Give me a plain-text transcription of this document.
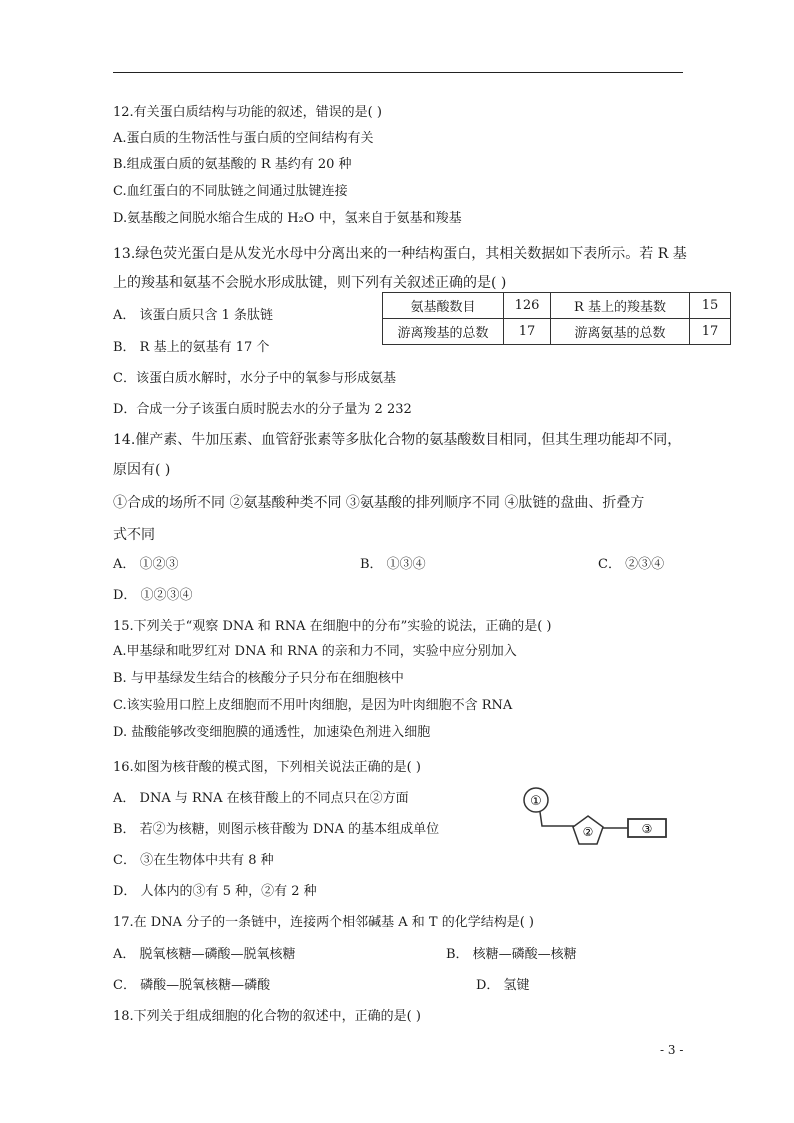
12.有关蛋白质结构与功能的叙述，错误的是( )
A.蛋白质的生物活性与蛋白质的空间结构有关
B.组成蛋白质的氨基酸的 R 基约有 20 种
C.血红蛋白的不同肽链之间通过肽键连接
D.氨基酸之间脱水缩合生成的 H₂O 中，氢来自于氨基和羧基
13.绿色荧光蛋白是从发光水母中分离出来的一种结构蛋白，其相关数据如下表所示。若 R 基
上的羧基和氨基不会脱水形成肽键，则下列有关叙述正确的是( )
A． 该蛋白质只含 1 条肽链
B． R 基上的氨基有 17 个
C．该蛋白质水解时，水分子中的氧参与形成氨基
D．合成一分子该蛋白质时脱去水的分子量为 2 232
氨基酸数目	126	R 基上的羧基数	15
游离羧基的总数	17	游离氨基的总数	17
14.催产素、牛加压素、血管舒张素等多肽化合物的氨基酸数目相同，但其生理功能却不同，
原因有( )
①合成的场所不同 ②氨基酸种类不同 ③氨基酸的排列顺序不同 ④肽链的盘曲、折叠方
式不同
A． ①②③	B． ①③④	C． ②③④
D． ①②③④
15.下列关于“观察 DNA 和 RNA 在细胞中的分布”实验的说法，正确的是( )
A.甲基绿和吡罗红对 DNA 和 RNA 的亲和力不同，实验中应分别加入
B. 与甲基绿发生结合的核酸分子只分布在细胞核中
C.该实验用口腔上皮细胞而不用叶肉细胞，是因为叶肉细胞不含 RNA
D. 盐酸能够改变细胞膜的通透性，加速染色剂进入细胞
16.如图为核苷酸的模式图，下列相关说法正确的是( )
A． DNA 与 RNA 在核苷酸上的不同点只在②方面
B． 若②为核糖，则图示核苷酸为 DNA 的基本组成单位
C． ③在生物体中共有 8 种
D． 人体内的③有 5 种，②有 2 种
①
②	③
17.在 DNA 分子的一条链中，连接两个相邻碱基 A 和 T 的化学结构是( )
A． 脱氧核糖—磷酸—脱氧核糖	B． 核糖—磷酸—核糖
C． 磷酸—脱氧核糖—磷酸	D． 氢键
18.下列关于组成细胞的化合物的叙述中，正确的是( )
- 3 -
